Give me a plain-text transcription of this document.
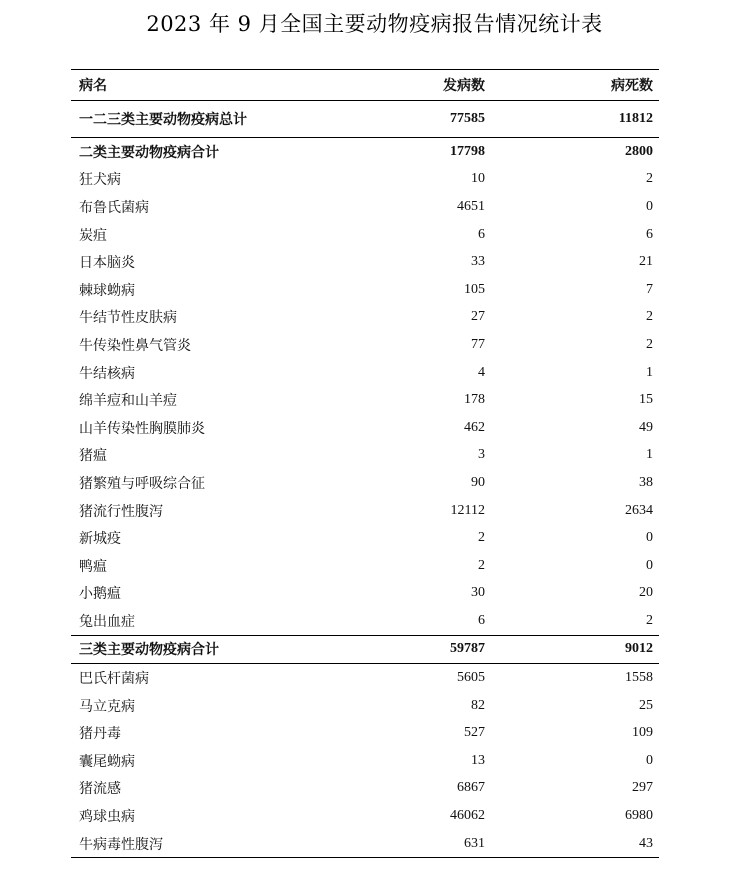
2023 年 9 月全国主要动物疫病报告情况统计表
病名	发病数	病死数
一二三类主要动物疫病总计	77585	11812
二类主要动物疫病合计	17798	2800
狂犬病	10	2
布鲁氏菌病	4651	0
炭疽	6	6
日本脑炎	33	21
棘球蚴病	105	7
牛结节性皮肤病	27	2
牛传染性鼻气管炎	77	2
牛结核病	4	1
绵羊痘和山羊痘	178	15
山羊传染性胸膜肺炎	462	49
猪瘟	3	1
猪繁殖与呼吸综合征	90	38
猪流行性腹泻	12112	2634
新城疫	2	0
鸭瘟	2	0
小鹅瘟	30	20
兔出血症	6	2
三类主要动物疫病合计	59787	9012
巴氏杆菌病	5605	1558
马立克病	82	25
猪丹毒	527	109
囊尾蚴病	13	0
猪流感	6867	297
鸡球虫病	46062	6980
牛病毒性腹泻	631	43
